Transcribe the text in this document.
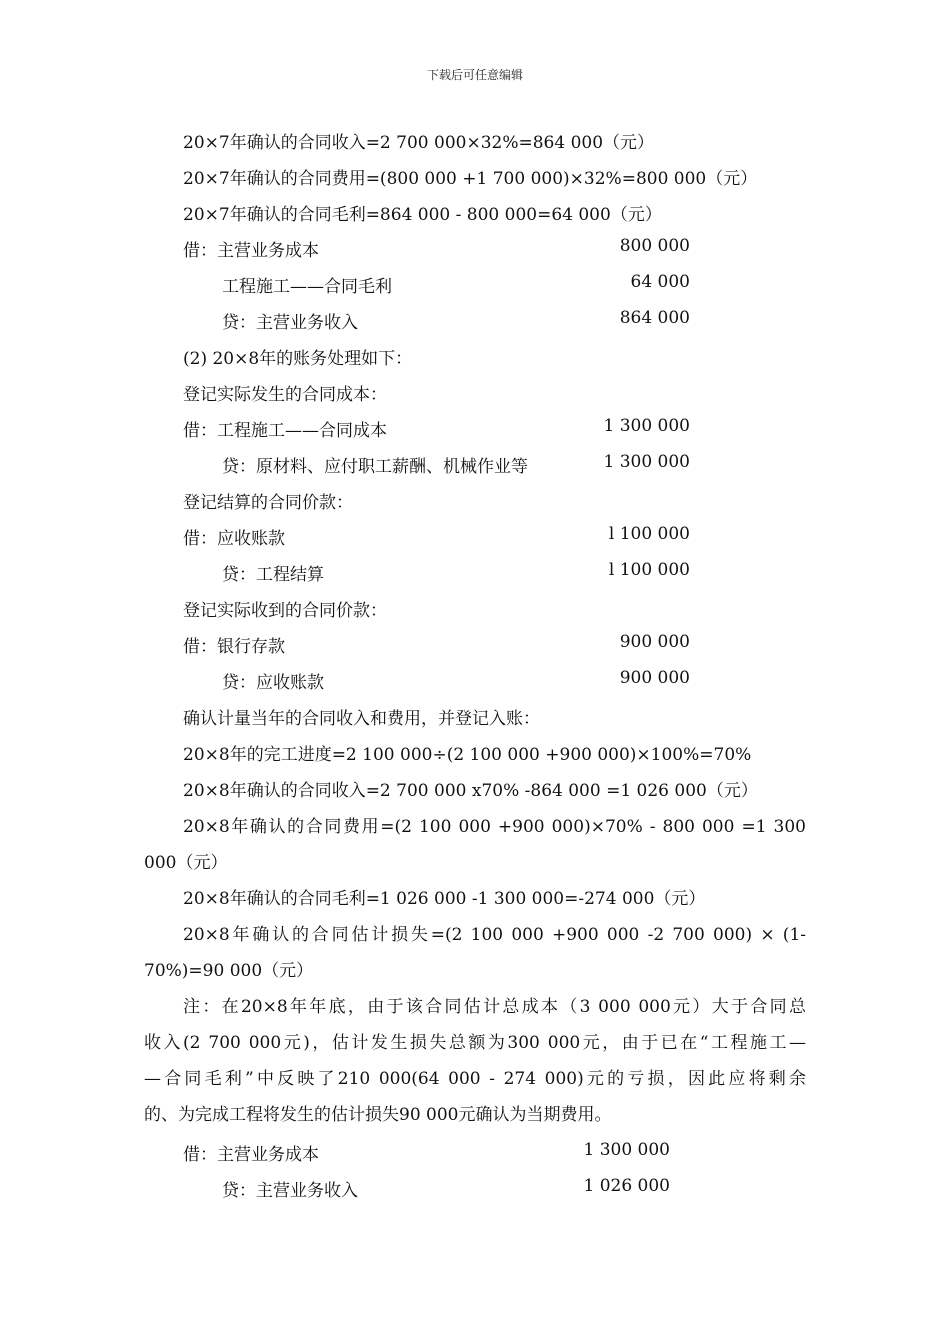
下载后可任意编辑
20×7年确认的合同收入=2 700 000×32%=864 000（元）
20×7年确认的合同费用=(800 000 +1 700 000)×32%=800 000（元）
20×7年确认的合同毛利=864 000 - 800 000=64 000（元）
借：主营业务成本	800 000
工程施工——合同毛利	64 000
贷：主营业务收入	864 000
(2) 20×8年的账务处理如下：
登记实际发生的合同成本：
借：工程施工——合同成本	1 300 000
贷：原材料、应付职工薪酬、机械作业等	1 300 000
登记结算的合同价款：
借：应收账款	l 100 000
贷：工程结算	l 100 000
登记实际收到的合同价款：
借：银行存款	900 000
贷：应收账款	900 000
确认计量当年的合同收入和费用，并登记入账：
20×8年的完工进度=2 100 000÷(2 100 000 +900 000)×100%=70%
20×8年确认的合同收入=2 700 000 x70% -864 000 =1 026 000（元）
20×8年确认的合同费用=(2 100 000 +900 000)×70% - 800 000 =1 300
000（元）
20×8年确认的合同毛利=1 026 000 -1 300 000=-274 000（元）
20×8年确认的合同估计损失=(2 100 000 +900 000 -2 700 000) × (1-
70%)=90 000（元）
注：在20×8年年底，由于该合同估计总成本（3 000 000元）大于合同总
收入(2 700 000元)，估计发生损失总额为300 000元，由于已在“工程施工—
—合同毛利”中反映了210 000(64 000 - 274 000)元的亏损，因此应将剩余
的、为完成工程将发生的估计损失90 000元确认为当期费用。
借：主营业务成本	1 300 000
贷：主营业务收入	1 026 000
